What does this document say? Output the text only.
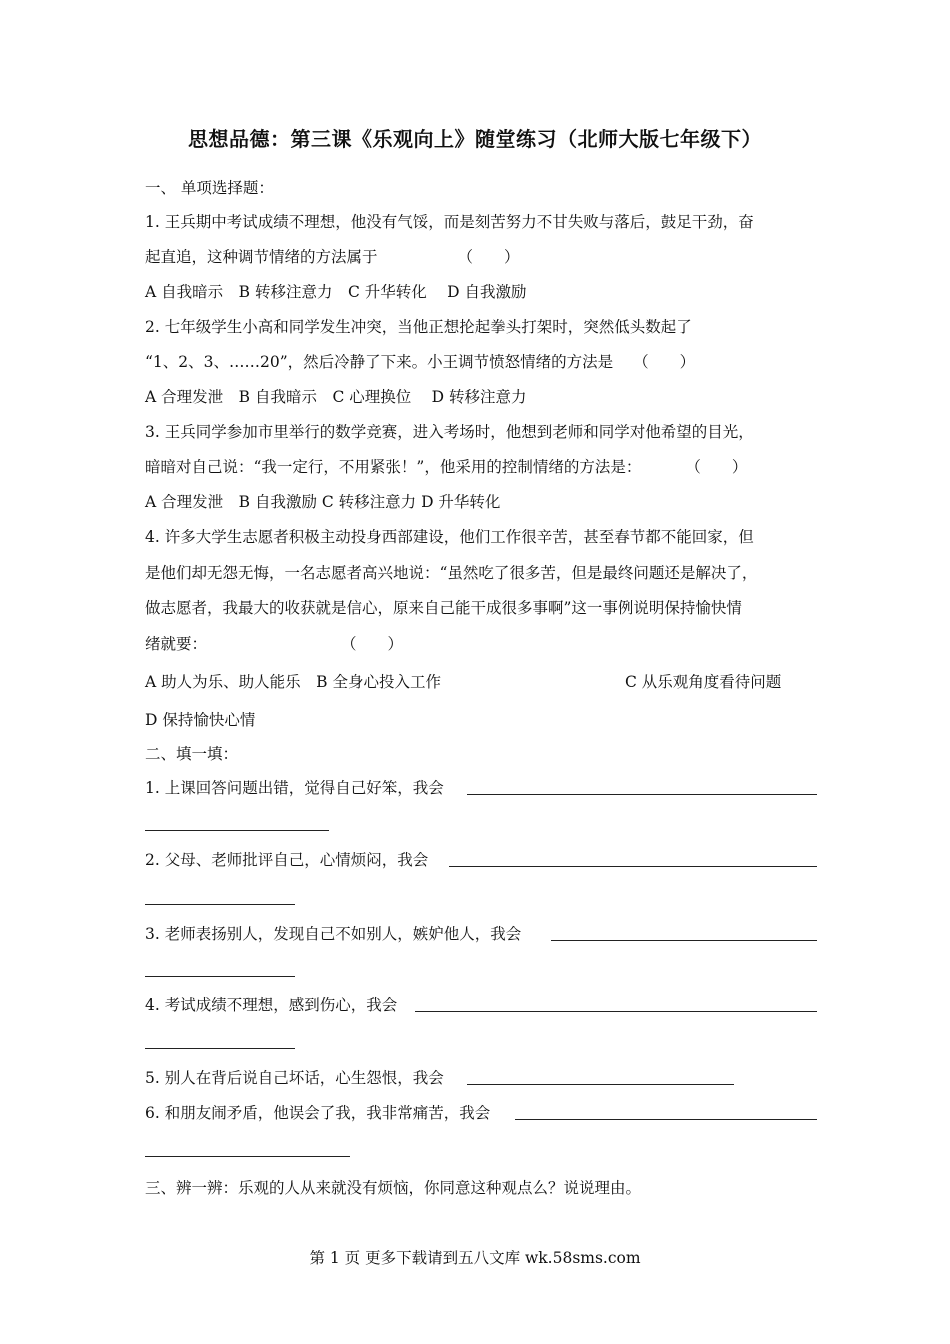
思想品德：第三课《乐观向上》随堂练习（北师大版七年级下）
一、 单项选择题：
1. 王兵期中考试成绩不理想，他没有气馁，而是刻苦努力不甘失败与落后，鼓足干劲，奋
起直追，这种调节情绪的方法属于	（　　）
A 自我暗示　B 转移注意力　C 升华转化　 D 自我激励
2. 七年级学生小高和同学发生冲突，当他正想抡起拳头打架时，突然低头数起了
“1、2、3、……20”，然后冷静了下来。小王调节愤怒情绪的方法是 （　　）
A 合理发泄　B 自我暗示　C 心理换位　 D 转移注意力
3. 王兵同学参加市里举行的数学竞赛，进入考场时，他想到老师和同学对他希望的目光，
暗暗对自己说：“我一定行，不用紧张！”，他采用的控制情绪的方法是：	（　　）
A 合理发泄　B 自我激励 C 转移注意力 D 升华转化
4. 许多大学生志愿者积极主动投身西部建设，他们工作很辛苦，甚至春节都不能回家，但
是他们却无怨无悔，一名志愿者高兴地说：“虽然吃了很多苦，但是最终问题还是解决了，
做志愿者，我最大的收获就是信心，原来自己能干成很多事啊”这一事例说明保持愉快情
绪就要：	（　　）
A 助人为乐、助人能乐　B 全身心投入工作	C 从乐观角度看待问题
D 保持愉快心情
二、填一填：
1. 上课回答问题出错，觉得自己好笨，我会
2. 父母、老师批评自己，心情烦闷，我会
3. 老师表扬别人，发现自己不如别人，嫉妒他人，我会
4. 考试成绩不理想，感到伤心，我会
5. 别人在背后说自己坏话，心生怨恨，我会
6. 和朋友闹矛盾，他误会了我，我非常痛苦，我会
三、辨一辨：乐观的人从来就没有烦恼，你同意这种观点么？说说理由。
第 1 页 更多下载请到五八文库 wk.58sms.com
